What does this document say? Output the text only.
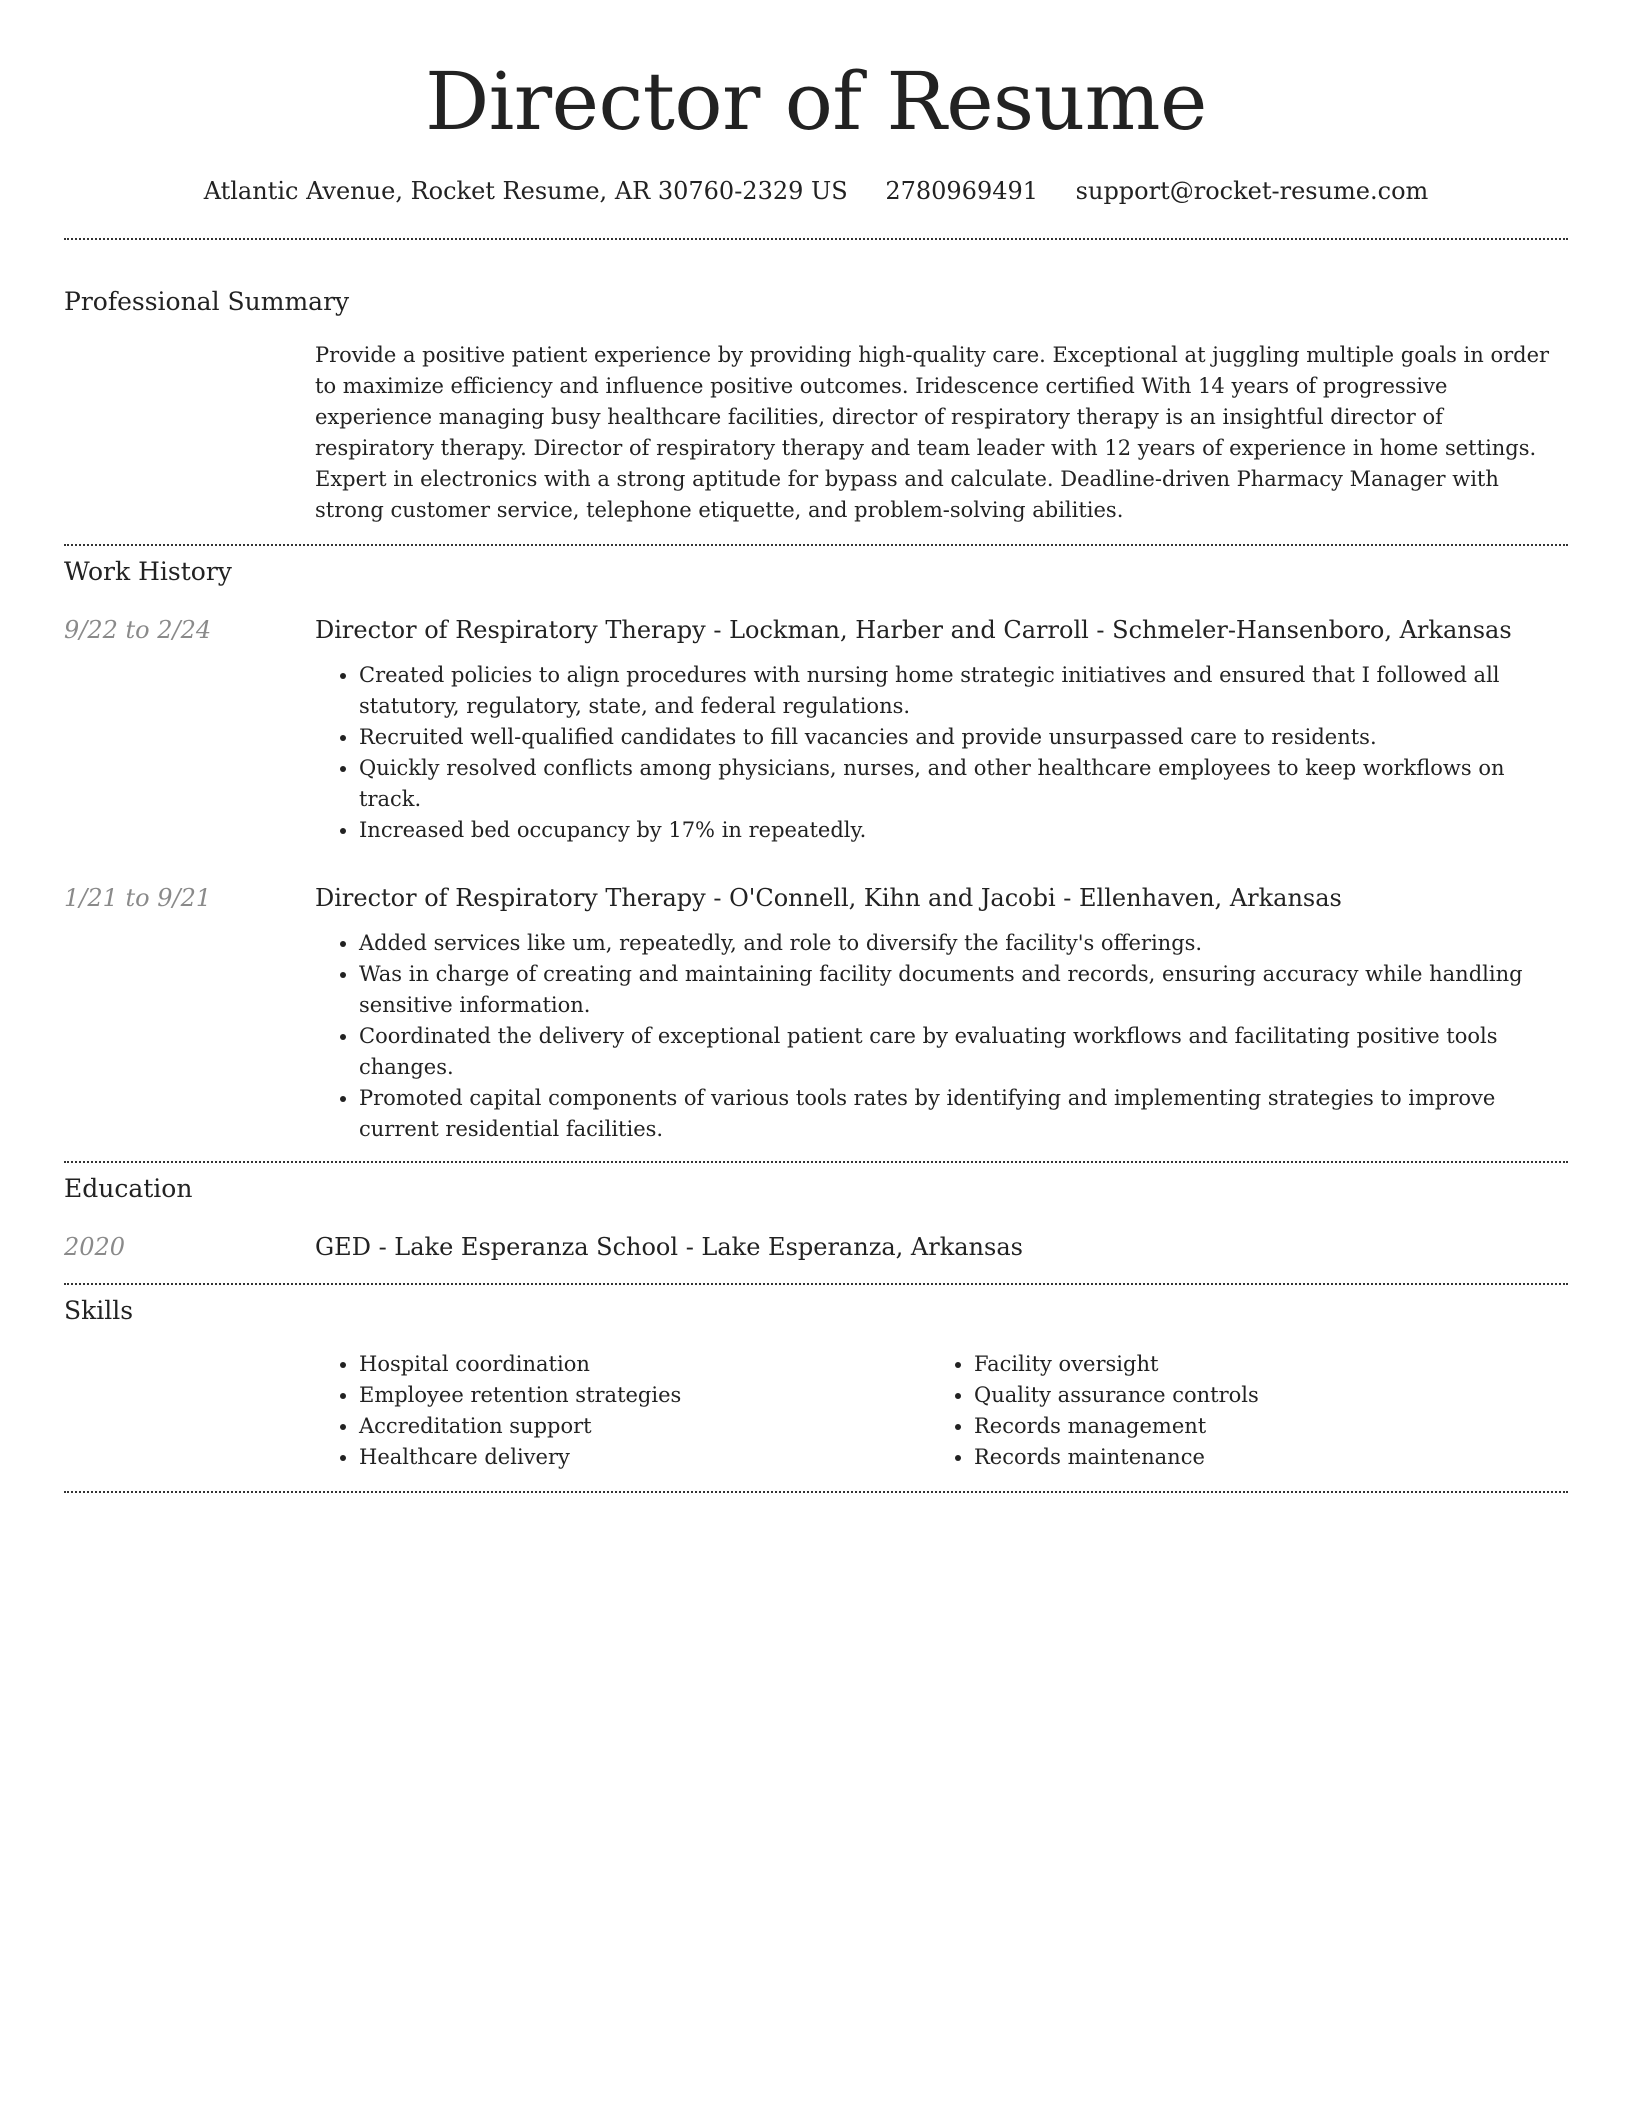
Director of Resume
Atlantic Avenue, Rocket Resume, AR 30760-2329 US 2780969491 support@rocket-resume.com
Professional Summary

Provide a positive patient experience by providing high-quality care. Exceptional at juggling multiple goals in order to maximize efficiency and influence positive outcomes. Iridescence certified With 14 years of progressive experience managing busy healthcare facilities, director of respiratory therapy is an insightful director of respiratory therapy. Director of respiratory therapy and team leader with 12 years of experience in home settings. Expert in electronics with a strong aptitude for bypass and calculate. Deadline-driven Pharmacy Manager with strong customer service, telephone etiquette, and problem-solving abilities.

Work History
9/22 to 2/24	Director of Respiratory Therapy - Lockman, Harber and Carroll - Schmeler-Hansenboro, Arkansas
• Created policies to align procedures with nursing home strategic initiatives and ensured that I followed all statutory, regulatory, state, and federal regulations.
• Recruited well-qualified candidates to fill vacancies and provide unsurpassed care to residents.
• Quickly resolved conflicts among physicians, nurses, and other healthcare employees to keep workflows on track.
• Increased bed occupancy by 17% in repeatedly.
1/21 to 9/21	Director of Respiratory Therapy - O'Connell, Kihn and Jacobi - Ellenhaven, Arkansas
• Added services like um, repeatedly, and role to diversify the facility's offerings.
• Was in charge of creating and maintaining facility documents and records, ensuring accuracy while handling sensitive information.
• Coordinated the delivery of exceptional patient care by evaluating workflows and facilitating positive tools changes.
• Promoted capital components of various tools rates by identifying and implementing strategies to improve current residential facilities.
Education
2020	GED - Lake Esperanza School - Lake Esperanza, Arkansas
Skills
• Hospital coordination
• Employee retention strategies
• Accreditation support
• Healthcare delivery
• Facility oversight
• Quality assurance controls
• Records management
• Records maintenance
